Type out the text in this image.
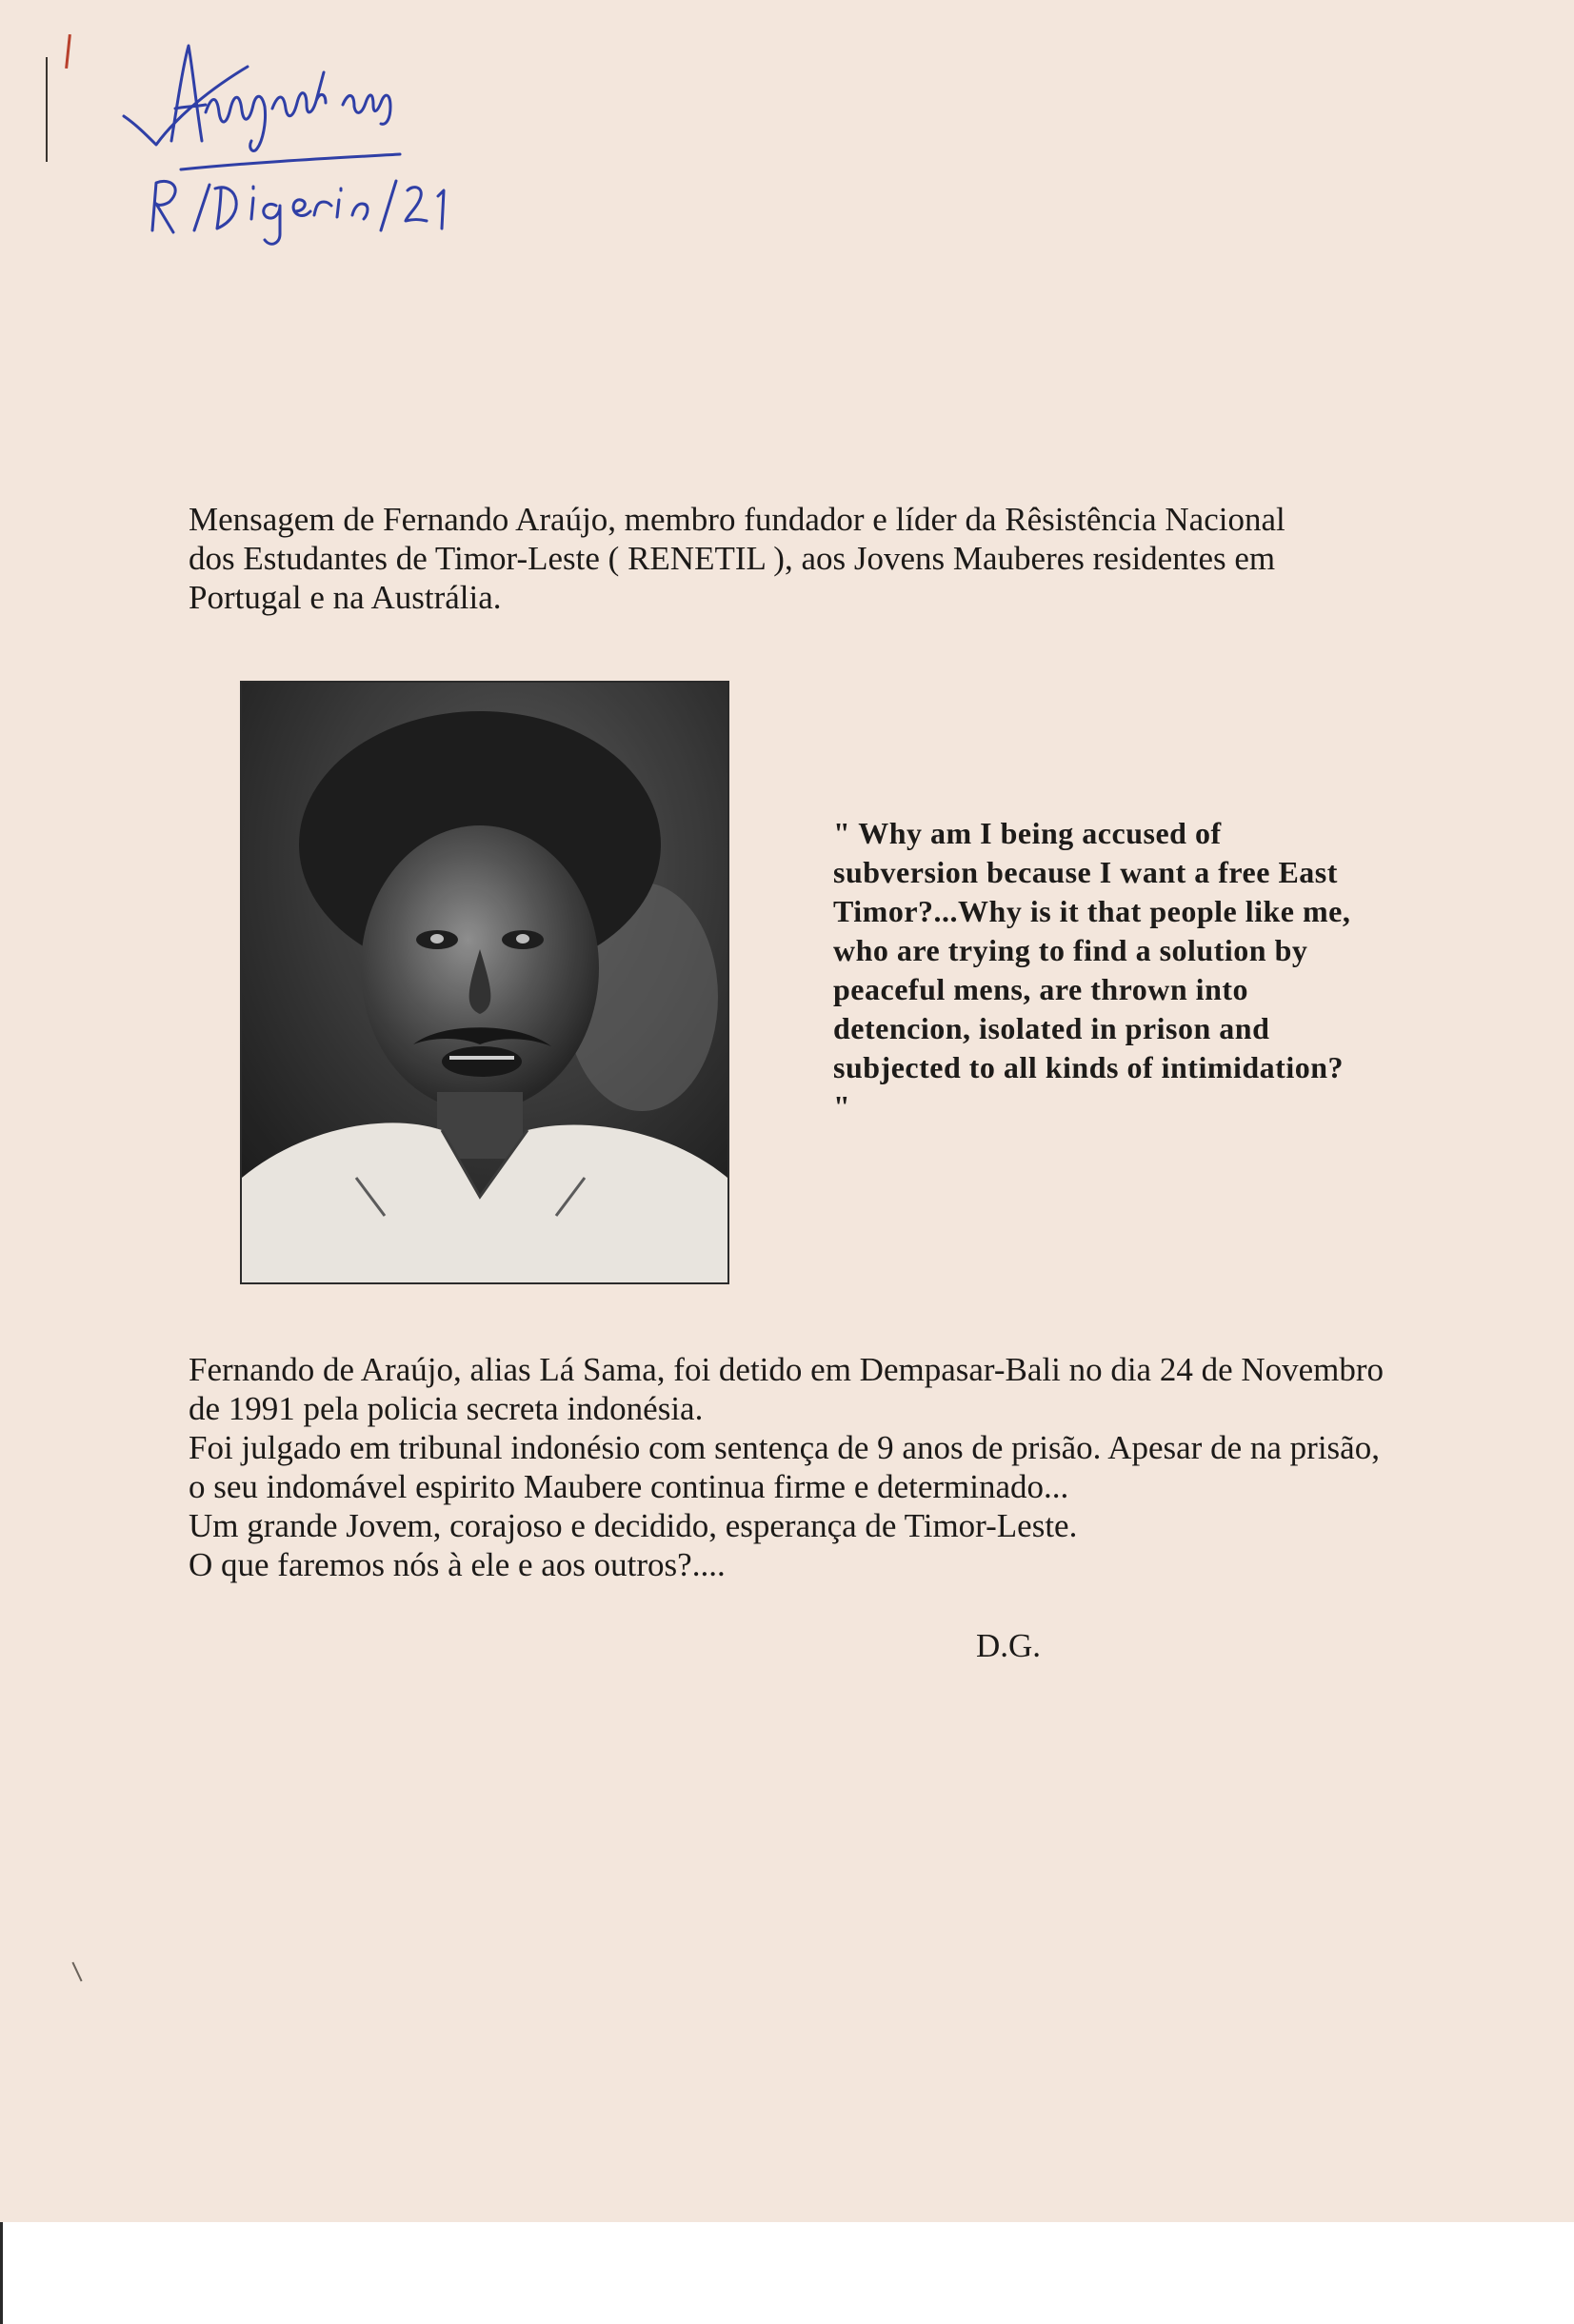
Mensagem de Fernando Araújo, membro fundador e líder da Rêsistência Nacional dos Estudantes de Timor-Leste ( RENETIL ), aos Jovens Mauberes residentes em Portugal e na Austrália.
" Why am I being accused of subversion because I want a free East Timor?...Why is it that people like me, who are trying to find a solution by peaceful mens, are thrown into detencion, isolated in prison and subjected to all kinds of intimidation? "

Fernando de Araújo, alias Lá Sama, foi detido em Dempasar-Bali no dia 24 de Novembro de 1991 pela policia secreta indonésia.

Foi julgado em tribunal indonésio com sentença de 9 anos de prisão. Apesar de na prisão, o seu indomável espirito Maubere continua firme e determinado...

Um grande Jovem, corajoso e decidido, esperança de Timor-Leste.

O que faremos nós à ele e aos outros?....

D.G.
